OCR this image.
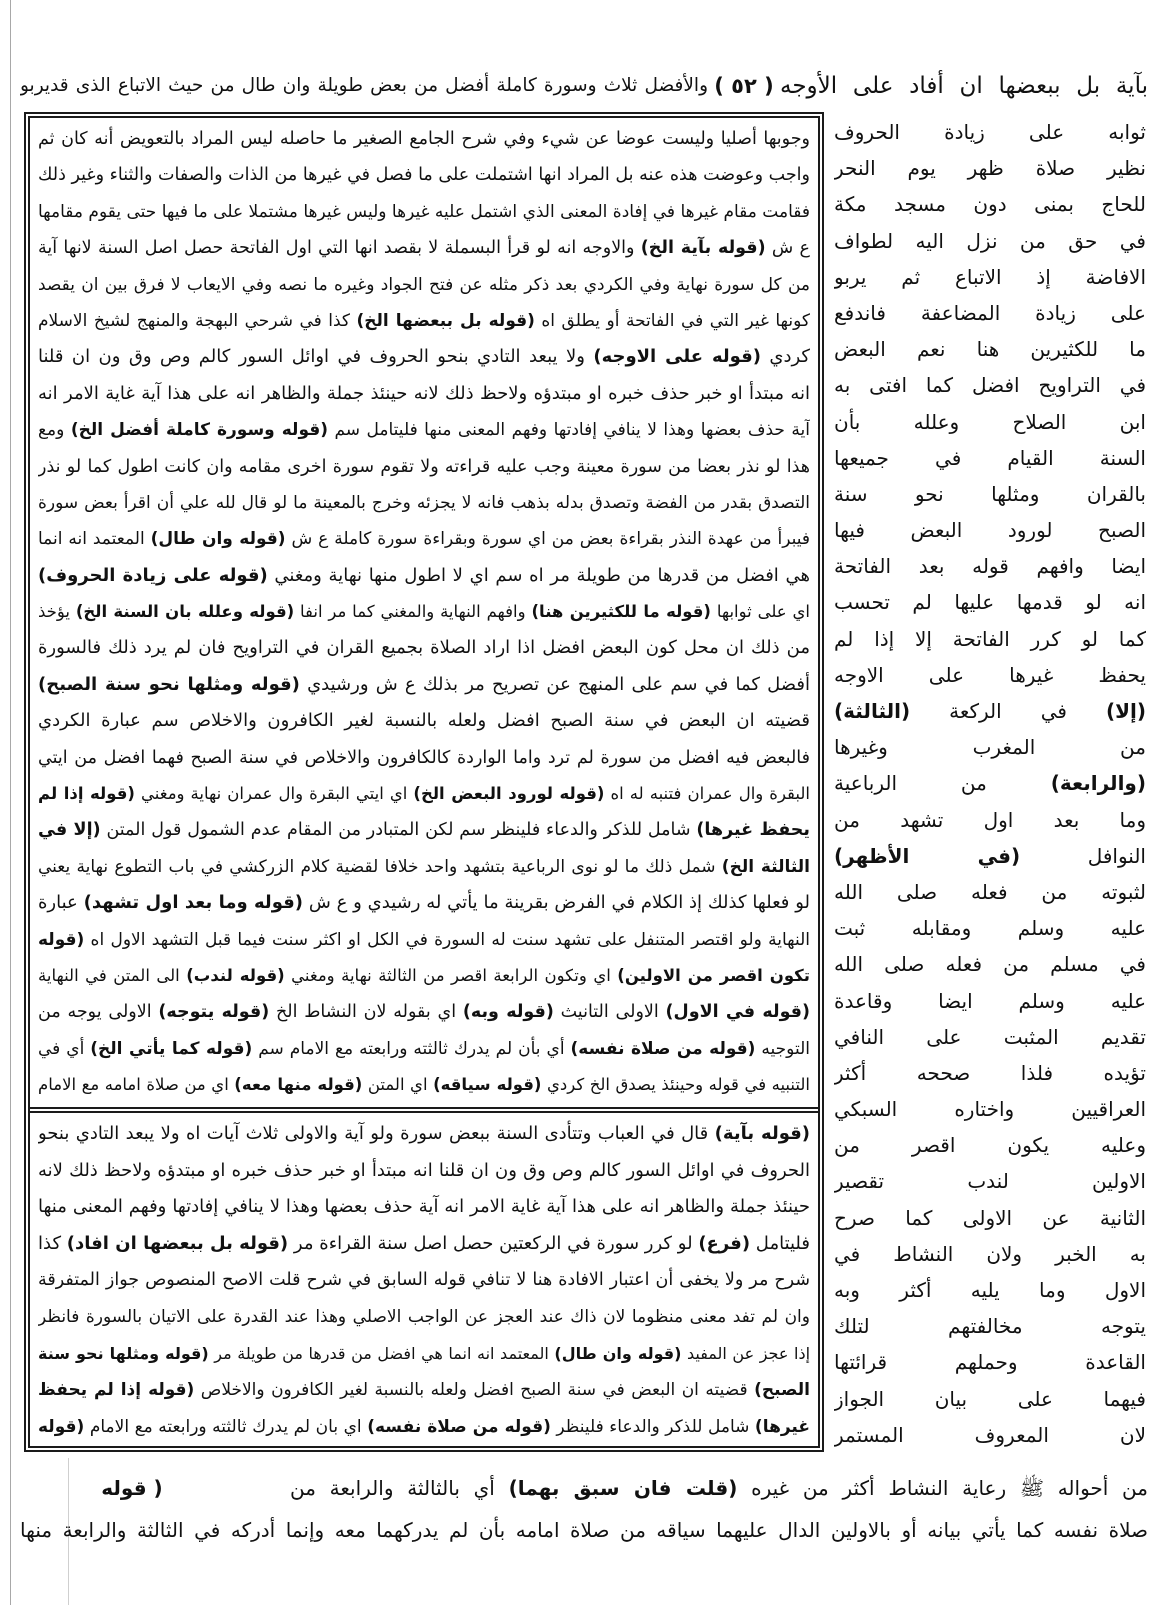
بآية بل ببعضها ان أفاد على الأوجه
( ٥٢ )
والأفضل ثلاث وسورة كاملة أفضل من بعض طويلة وان طال من حيث الاتباع الذى قديربو
وجوبها أصليا وليست عوضا عن شيء وفي شرح الجامع الصغير ما حاصله ليس المراد بالتعويض أنه كان ثم
واجب وعوضت هذه عنه بل المراد انها اشتملت على ما فصل في غيرها من الذات والصفات والثناء وغير ذلك
فقامت مقام غيرها في إفادة المعنى الذي اشتمل عليه غيرها وليس غيرها مشتملا على ما فيها حتى يقوم مقامها
ع ش (قوله بآية الخ) والاوجه انه لو قرأ البسملة لا بقصد انها التي اول الفاتحة حصل اصل السنة لانها آية
من كل سورة نهاية وفي الكردي بعد ذكر مثله عن فتح الجواد وغيره ما نصه وفي الايعاب لا فرق بين ان يقصد
كونها غير التي في الفاتحة أو يطلق اه (قوله بل ببعضها الخ) كذا في شرحي البهجة والمنهج لشيخ الاسلام
كردي (قوله على الاوجه) ولا يبعد التادي بنحو الحروف في اوائل السور كالم وص وق ون ان قلنا
انه مبتدأ او خبر حذف خبره او مبتدؤه ولاحظ ذلك لانه حينئذ جملة والظاهر انه على هذا آية غاية الامر انه
آية حذف بعضها وهذا لا ينافي إفادتها وفهم المعنى منها فليتامل سم (قوله وسورة كاملة أفضل الخ) ومع
هذا لو نذر بعضا من سورة معينة وجب عليه قراءته ولا تقوم سورة اخرى مقامه وان كانت اطول كما لو نذر
التصدق بقدر من الفضة وتصدق بدله بذهب فانه لا يجزئه وخرج بالمعينة ما لو قال لله علي أن اقرأ بعض سورة
فيبرأ من عهدة النذر بقراءة بعض من اي سورة وبقراءة سورة كاملة ع ش (قوله وان طال) المعتمد انه انما
هي افضل من قدرها من طويلة مر اه سم اي لا اطول منها نهاية ومغني (قوله على زيادة الحروف)
اي على ثوابها (قوله ما للكثيرين هنا) وافهم النهاية والمغني كما مر انفا (قوله وعلله بان السنة الخ) يؤخذ
من ذلك ان محل كون البعض افضل اذا اراد الصلاة بجميع القران في التراويح فان لم يرد ذلك فالسورة
أفضل كما في سم على المنهج عن تصريح مر بذلك ع ش ورشيدي (قوله ومثلها نحو سنة الصبح)
قضيته ان البعض في سنة الصبح افضل ولعله بالنسبة لغير الكافرون والاخلاص سم عبارة الكردي
فالبعض فيه افضل من سورة لم ترد واما الواردة كالكافرون والاخلاص في سنة الصبح فهما افضل من ايتي
البقرة وال عمران فتنبه له اه (قوله لورود البعض الخ) اي ايتي البقرة وال عمران نهاية ومغني (قوله إذا لم
يحفظ غيرها) شامل للذكر والدعاء فلينظر سم لكن المتبادر من المقام عدم الشمول قول المتن (إلا في
الثالثة الخ) شمل ذلك ما لو نوى الرباعية بتشهد واحد خلافا لقضية كلام الزركشي في باب التطوع نهاية يعني
لو فعلها كذلك إذ الكلام في الفرض بقرينة ما يأتي له رشيدي و ع ش (قوله وما بعد اول تشهد) عبارة
النهاية ولو اقتصر المتنفل على تشهد سنت له السورة في الكل او اكثر سنت فيما قبل التشهد الاول اه (قوله
تكون اقصر من الاولين) اي وتكون الرابعة اقصر من الثالثة نهاية ومغني (قوله لندب) الى المتن في النهاية
(قوله في الاول) الاولى التانيث (قوله وبه) اي بقوله لان النشاط الخ (قوله يتوجه) الاولى يوجه من
التوجيه (قوله من صلاة نفسه) أي بأن لم يدرك ثالثته ورابعته مع الامام سم (قوله كما يأتي الخ) أي في
التنبيه في قوله وحينئذ يصدق الخ كردي (قوله سياقه) اي المتن (قوله منها معه) اي من صلاة امامه مع الامام
(قوله بآية) قال في العباب وتتأدى السنة ببعض سورة ولو آية والاولى ثلاث آيات اه ولا يبعد التادي بنحو
الحروف في اوائل السور كالم وص وق ون ان قلنا انه مبتدأ او خبر حذف خبره او مبتدؤه ولاحظ ذلك لانه
حينئذ جملة والظاهر انه على هذا آية غاية الامر انه آية حذف بعضها وهذا لا ينافي إفادتها وفهم المعنى منها
فليتامل (فرع) لو كرر سورة في الركعتين حصل اصل سنة القراءة مر (قوله بل ببعضها ان افاد) كذا
شرح مر ولا يخفى أن اعتبار الافادة هنا لا تنافي قوله السابق في شرح قلت الاصح المنصوص جواز المتفرقة
وان لم تفد معنى منظوما لان ذاك عند العجز عن الواجب الاصلي وهذا عند القدرة على الاتيان بالسورة فانظر
إذا عجز عن المفيد (قوله وان طال) المعتمد انه انما هي افضل من قدرها من طويلة مر (قوله ومثلها نحو سنة
الصبح) قضيته ان البعض في سنة الصبح افضل ولعله بالنسبة لغير الكافرون والاخلاص (قوله إذا لم يحفظ
غيرها) شامل للذكر والدعاء فلينظر (قوله من صلاة نفسه) اي بان لم يدرك ثالثته ورابعته مع الامام (قوله
ثوابه على زيادة الحروف
نظير صلاة ظهر يوم النحر
للحاج بمنى دون مسجد مكة
في حق من نزل اليه لطواف
الافاضة إذ الاتباع ثم يربو
على زيادة المضاعفة فاندفع
ما للكثيرين هنا نعم البعض
في التراويح افضل كما افتى به
ابن الصلاح وعلله بأن
السنة القيام في جميعها
بالقران ومثلها نحو سنة
الصبح لورود البعض فيها
ايضا وافهم قوله بعد الفاتحة
انه لو قدمها عليها لم تحسب
كما لو كرر الفاتحة إلا إذا لم
يحفظ غيرها على الاوجه
(إلا) في الركعة (الثالثة)
من المغرب وغيرها
(والرابعة) من الرباعية
وما بعد اول تشهد من
النوافل (في الأظهر)
لثبوته من فعله صلى الله
عليه وسلم ومقابله ثبت
في مسلم من فعله صلى الله
عليه وسلم ايضا وقاعدة
تقديم المثبت على النافي
تؤيده فلذا صححه أكثر
العراقيين واختاره السبكي
وعليه يكون اقصر من
الاولين لندب تقصير
الثانية عن الاولى كما صرح
به الخبر ولان النشاط في
الاول وما يليه أكثر وبه
يتوجه مخالفتهم لتلك
القاعدة وحملهم قرائتها
فيهما على بيان الجواز
لان المعروف المستمر
من أحواله ﷺ رعاية النشاط أكثر من غيره (قلت فان سبق بهما) أي بالثالثة والرابعة من
( قوله
صلاة نفسه كما يأتي بيانه أو بالاولين الدال عليهما سياقه من صلاة امامه بأن لم يدركهما معه وإنما أدركه في الثالثة والرابعة منها
